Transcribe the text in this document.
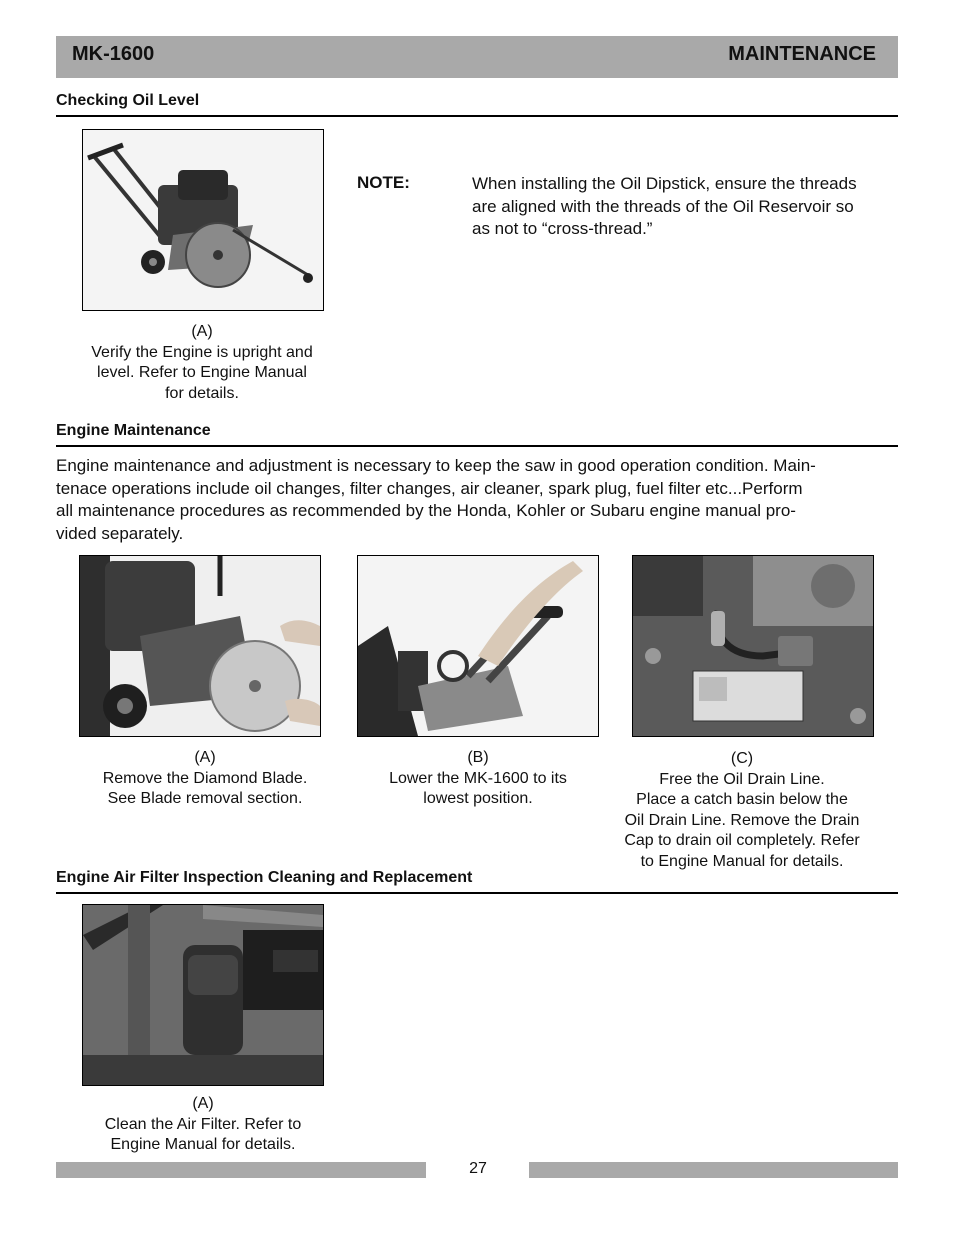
MK-1600	MAINTENANCE
Checking Oil Level
(A)
Verify the Engine is upright and
level. Refer to Engine Manual
for details.
NOTE:	When installing the Oil Dipstick, ensure the threads
are aligned with the threads of the Oil Reservoir so
as not to “cross-thread.”
Engine Maintenance
Engine maintenance and adjustment is necessary to keep the saw in good operation condition. Main-
tenace operations include oil changes, filter changes, air cleaner, spark plug, fuel filter etc...Perform
all maintenance procedures as recommended by the Honda, Kohler or Subaru engine manual pro-
vided separately.
(A)
Remove the Diamond Blade.
See Blade removal section.
(B)
Lower the MK-1600 to its
lowest position.
(C)
Free the Oil Drain Line.
Place a catch basin below the
Oil Drain Line. Remove the Drain
Cap to drain oil completely. Refer
to Engine Manual for details.
Engine Air Filter Inspection Cleaning and Replacement
(A)
Clean the Air Filter. Refer to
Engine Manual for details.
27
